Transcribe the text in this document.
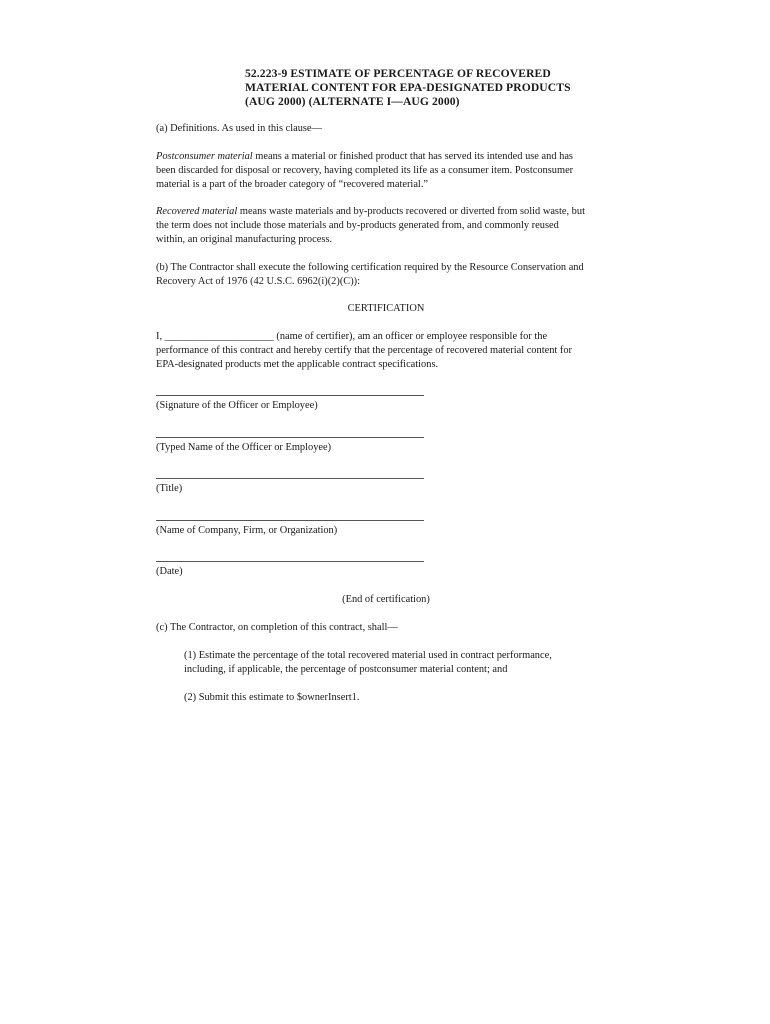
52.223-9 ESTIMATE OF PERCENTAGE OF RECOVERED
MATERIAL CONTENT FOR EPA-DESIGNATED PRODUCTS
(AUG 2000) (ALTERNATE I—AUG 2000)
(a) Definitions. As used in this clause—
Postconsumer material means a material or finished product that has served its intended use and has
been discarded for disposal or recovery, having completed its life as a consumer item. Postconsumer
material is a part of the broader category of “recovered material.”
Recovered material means waste materials and by-products recovered or diverted from solid waste, but
the term does not include those materials and by-products generated from, and commonly reused
within, an original manufacturing process.
(b) The Contractor shall execute the following certification required by the Resource Conservation and
Recovery Act of 1976 (42 U.S.C. 6962(i)(2)(C)):
CERTIFICATION
I, _____________________ (name of certifier), am an officer or employee responsible for the
performance of this contract and hereby certify that the percentage of recovered material content for
EPA-designated products met the applicable contract specifications.
(Signature of the Officer or Employee)
(Typed Name of the Officer or Employee)
(Title)
(Name of Company, Firm, or Organization)
(Date)
(End of certification)
(c) The Contractor, on completion of this contract, shall—
(1) Estimate the percentage of the total recovered material used in contract performance,
including, if applicable, the percentage of postconsumer material content; and
(2) Submit this estimate to $ownerInsert1.
